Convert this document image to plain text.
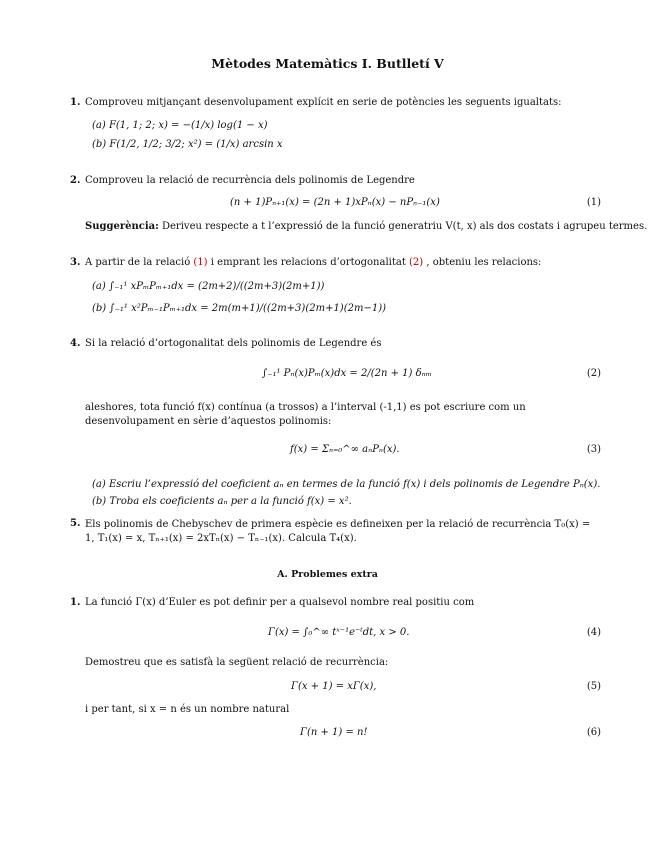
Mètodes Matemàtics I. Butlletí V
1. Comproveu mitjançant desenvolupament explícit en serie de potències les seguents igualtats:
(a) F(1, 1; 2; x) = −(1/x) log(1 − x)
(b) F(1/2, 1/2; 3/2; x²) = (1/x) arcsin x
2. Comproveu la relació de recurrència dels polinomis de Legendre
(n + 1)Pₙ₊₁(x) = (2n + 1)xPₙ(x) − nPₙ₋₁(x)	(1)
Suggerència: Deriveu respecte a t l’expressió de la funció generatriu V(t, x) als dos costats i agrupeu termes.
3. A partir de la relació (1) i emprant les relacions d’ortogonalitat (2) , obteniu les relacions:
(a) ∫₋₁¹ xPₘPₘ₊₁dx = (2m+2)/((2m+3)(2m+1))
(b) ∫₋₁¹ x²Pₘ₋₁Pₘ₊₁dx = 2m(m+1)/((2m+3)(2m+1)(2m−1))
4. Si la relació d’ortogonalitat dels polinomis de Legendre és
∫₋₁¹ Pₙ(x)Pₘ(x)dx = 2/(2n + 1) δₙₘ	(2)
aleshores, tota funció f(x) contínua (a trossos) a l’interval (-1,1) es pot escriure com un desenvolupament en sèrie d’aquestos polinomis:
f(x) = Σₙ₌₀^∞ aₙPₙ(x).	(3)
(a) Escriu l’expressió del coeficient aₙ en termes de la funció f(x) i dels polinomis de Legendre Pₙ(x).
(b) Troba els coeficients aₙ per a la funció f(x) = x².
5. Els polinomis de Chebyschev de primera espècie es defineixen per la relació de recurrència T₀(x) = 1, T₁(x) = x, Tₙ₊₁(x) = 2xTₙ(x) − Tₙ₋₁(x). Calcula T₄(x).
A. Problemes extra
1. La funció Γ(x) d’Euler es pot definir per a qualsevol nombre real positiu com
Γ(x) = ∫₀^∞ tˣ⁻¹e⁻ᵗdt, x > 0.	(4)
Demostreu que es satisfà la següent relació de recurrència:
Γ(x + 1) = xΓ(x),	(5)
i per tant, si x = n és un nombre natural
Γ(n + 1) = n!	(6)
